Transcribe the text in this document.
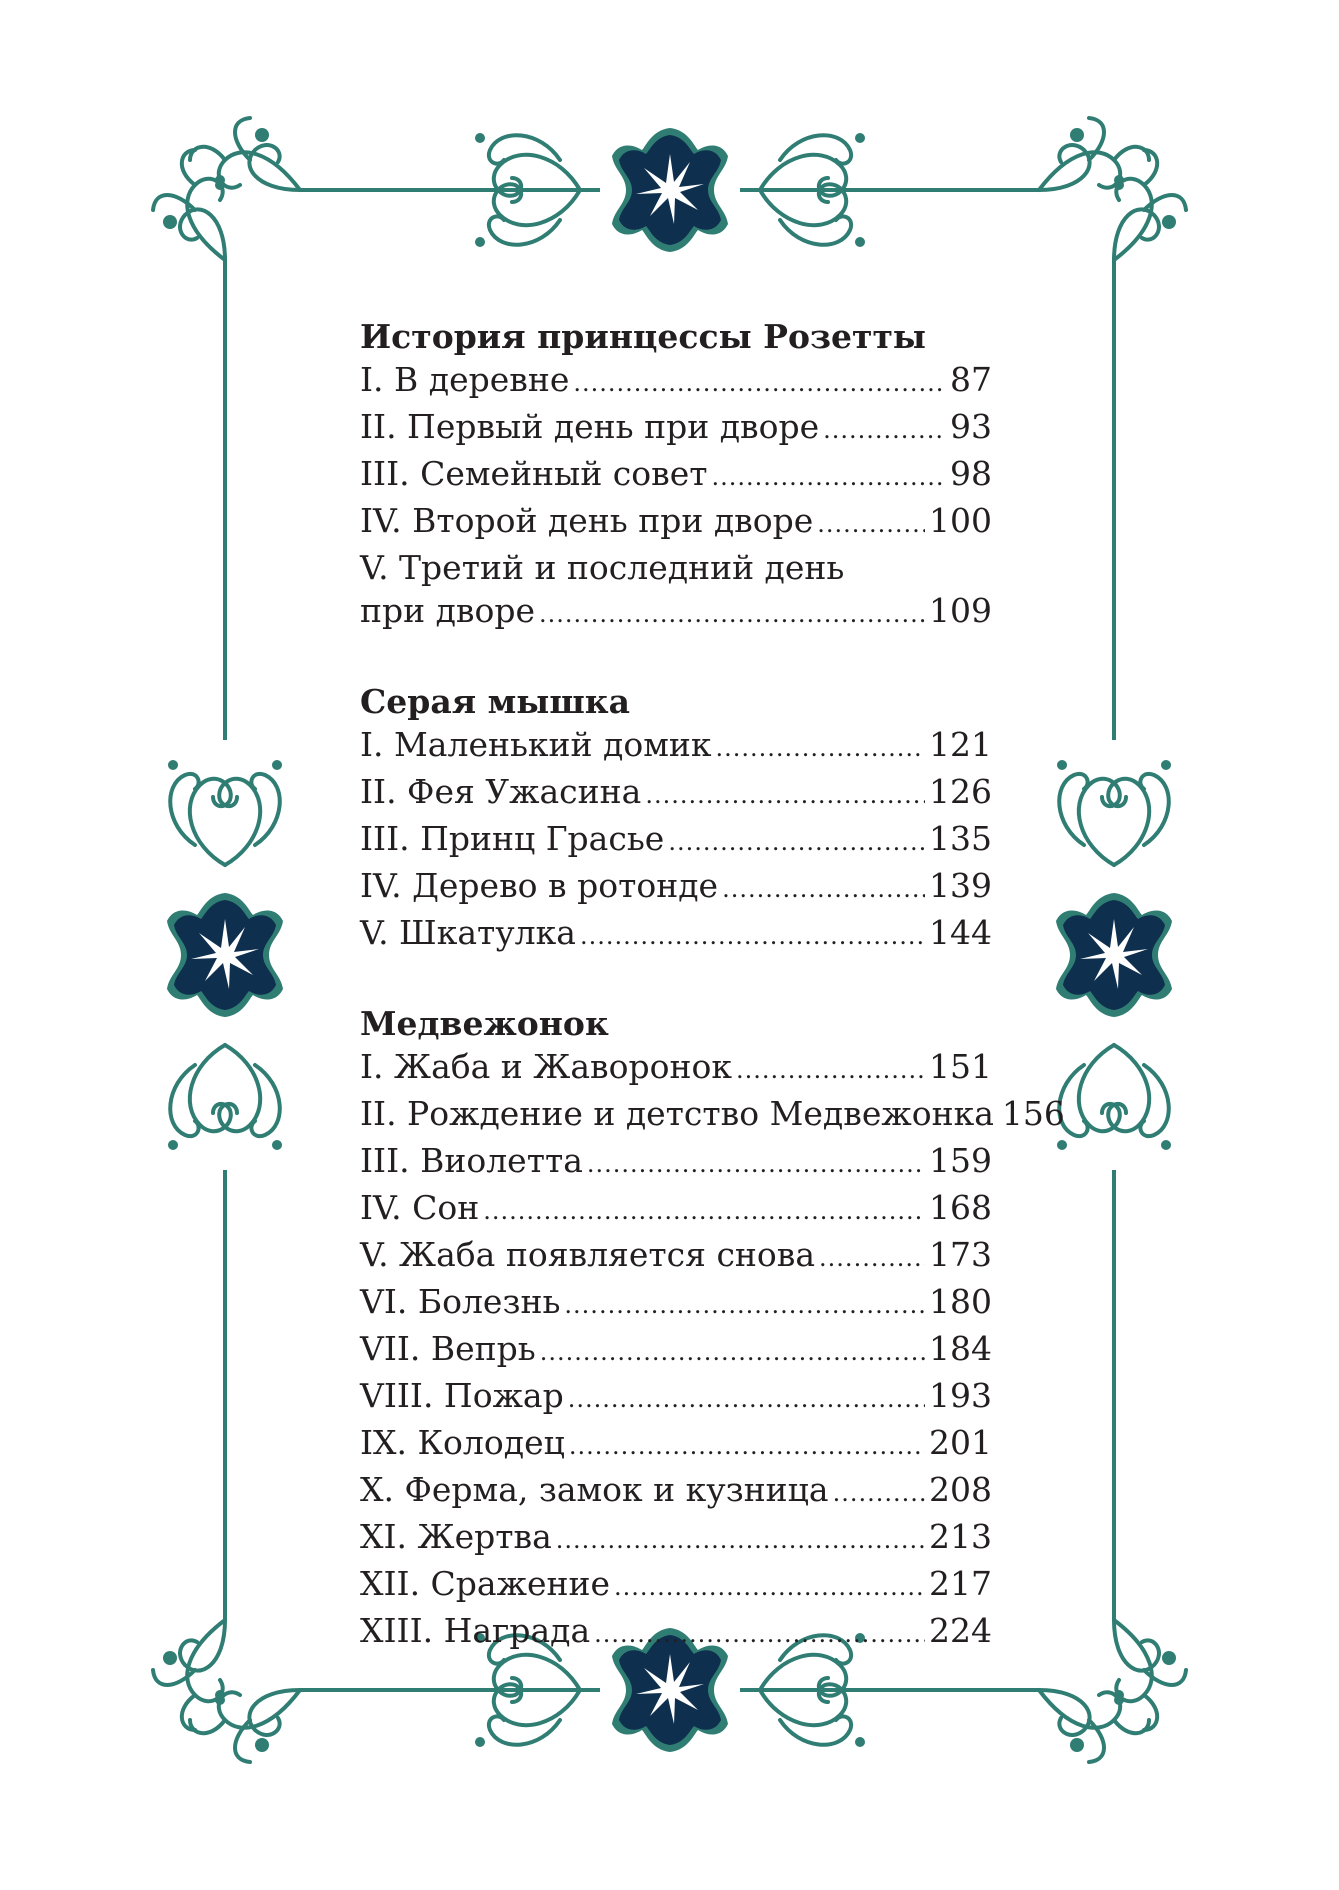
История принцессы Розетты
I. В деревне .....	87
II. Первый день при дворе .....	93
III. Семейный совет .....	98
IV. Второй день при дворе .....	100
V. Третий и последний день
при дворе .....	109
Серая мышка
I. Маленький домик .....	121
II. Фея Ужасина .....	126
III. Принц Грасье .....	135
IV. Дерево в ротонде .....	139
V. Шкатулка .....	144
Медвежонок
I. Жаба и Жаворонок .....	151
II. Рождение и детство Медвежонка 156
III. Виолетта .....	159
IV. Сон .....	168
V. Жаба появляется снова .....	173
VI. Болезнь .....	180
VII. Вепрь .....	184
VIII. Пожар .....	193
IX. Колодец .....	201
X. Ферма, замок и кузница .....	208
XI. Жертва .....	213
XII. Сражение .....	217
XIII. Награда .....	224
